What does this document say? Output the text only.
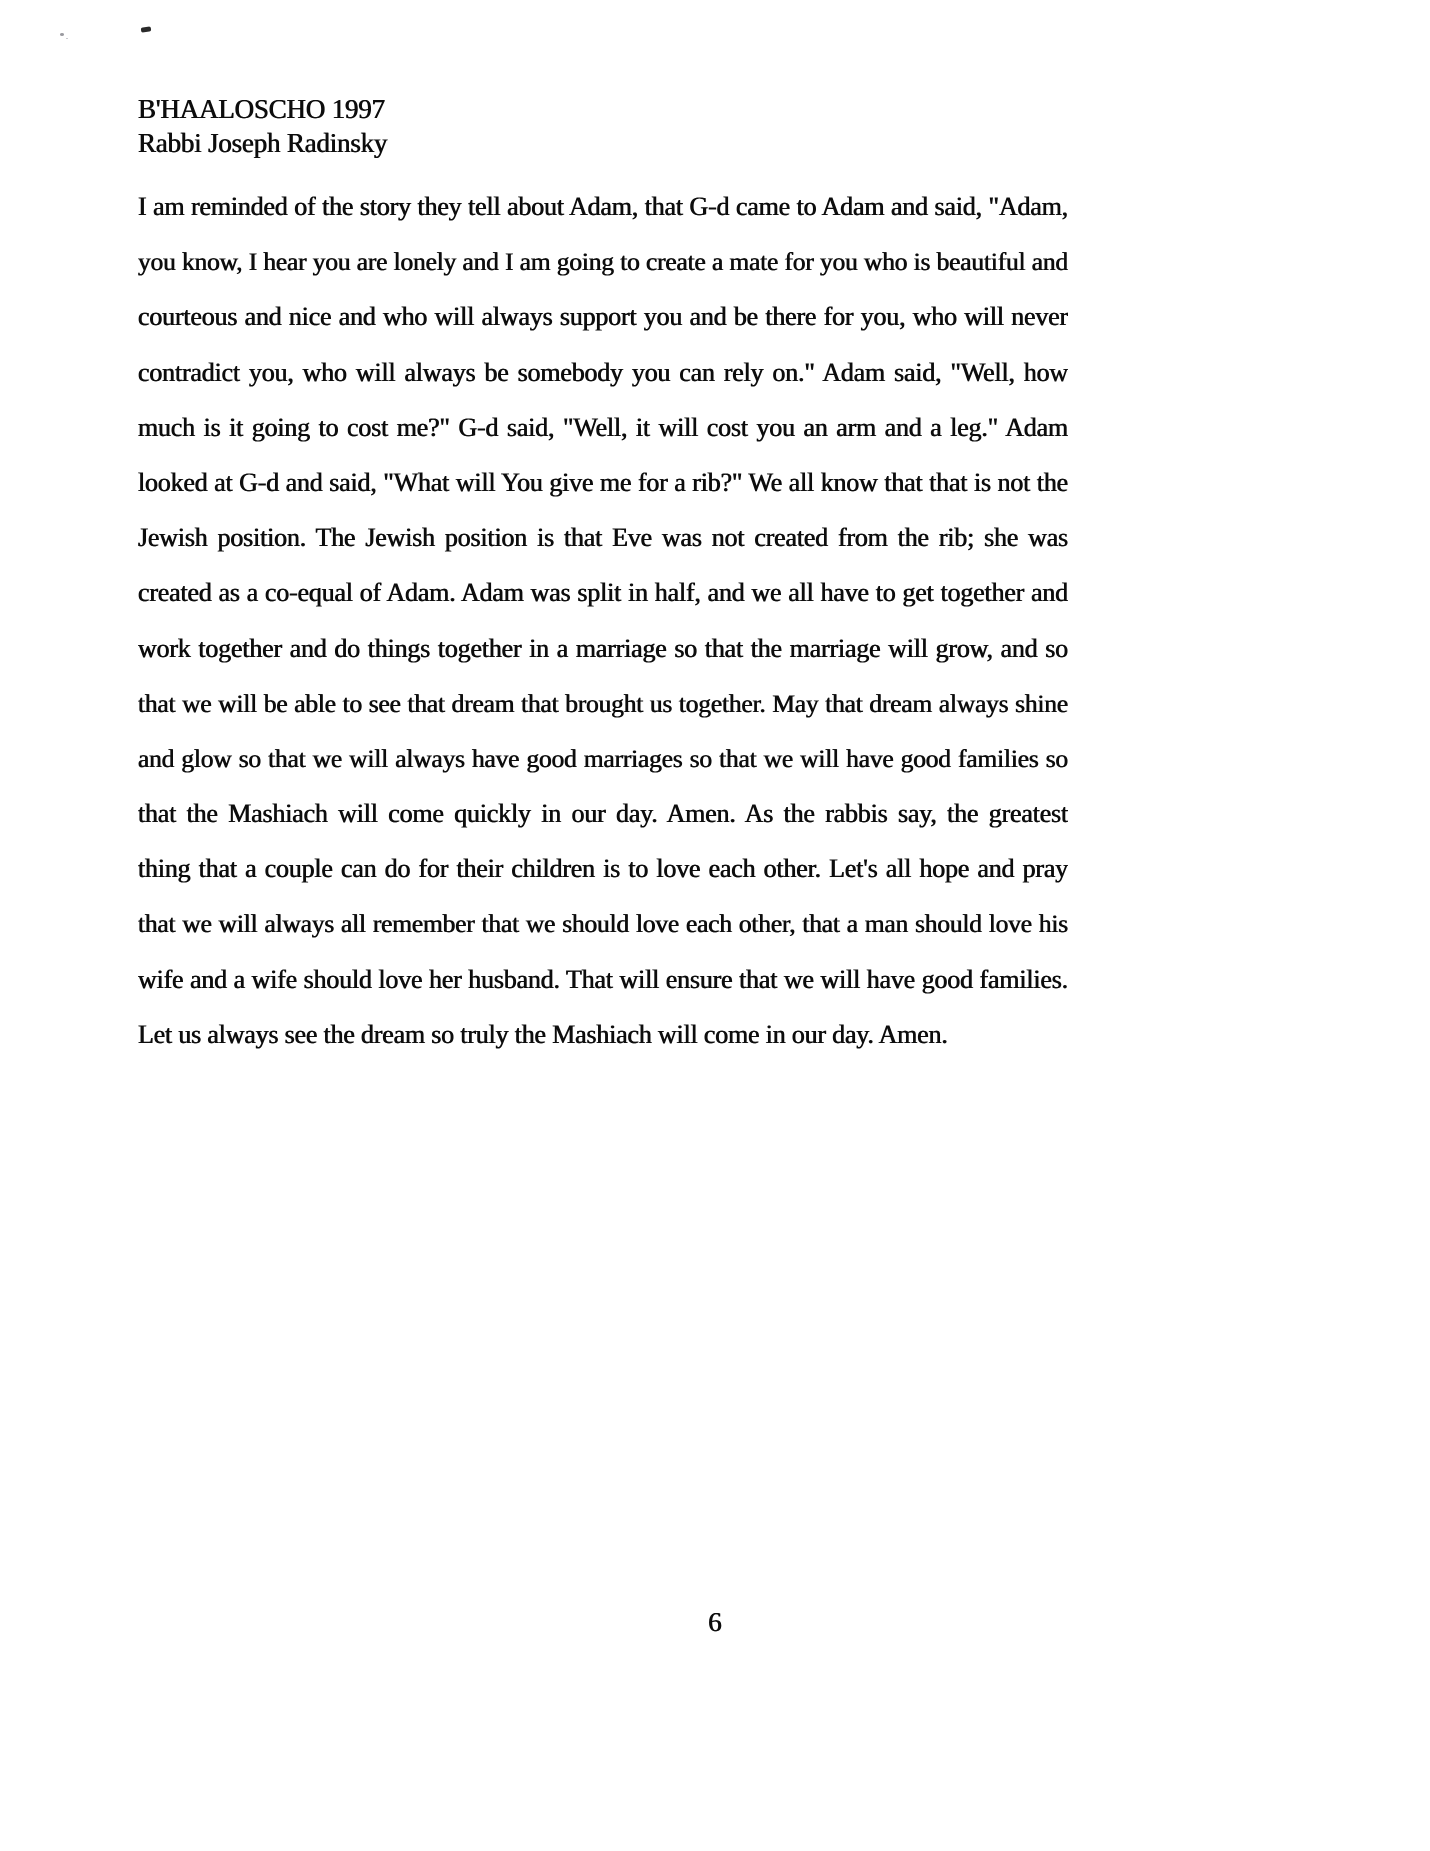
B'HAALOSCHO 1997
Rabbi Joseph Radinsky
I am reminded of the story they tell about Adam, that G-d came to Adam and said, "Adam,
you know, I hear you are lonely and I am going to create a mate for you who is beautiful and
courteous and nice and who will always support you and be there for you, who will never
contradict you, who will always be somebody you can rely on." Adam said, "Well, how
much is it going to cost me?" G-d said, "Well, it will cost you an arm and a leg." Adam
looked at G-d and said, "What will You give me for a rib?" We all know that that is not the
Jewish position. The Jewish position is that Eve was not created from the rib; she was
created as a co-equal of Adam. Adam was split in half, and we all have to get together and
work together and do things together in a marriage so that the marriage will grow, and so
that we will be able to see that dream that brought us together. May that dream always shine
and glow so that we will always have good marriages so that we will have good families so
that the Mashiach will come quickly in our day. Amen. As the rabbis say, the greatest
thing that a couple can do for their children is to love each other. Let's all hope and pray
that we will always all remember that we should love each other, that a man should love his
wife and a wife should love her husband. That will ensure that we will have good families.
Let us always see the dream so truly the Mashiach will come in our day. Amen.
6
